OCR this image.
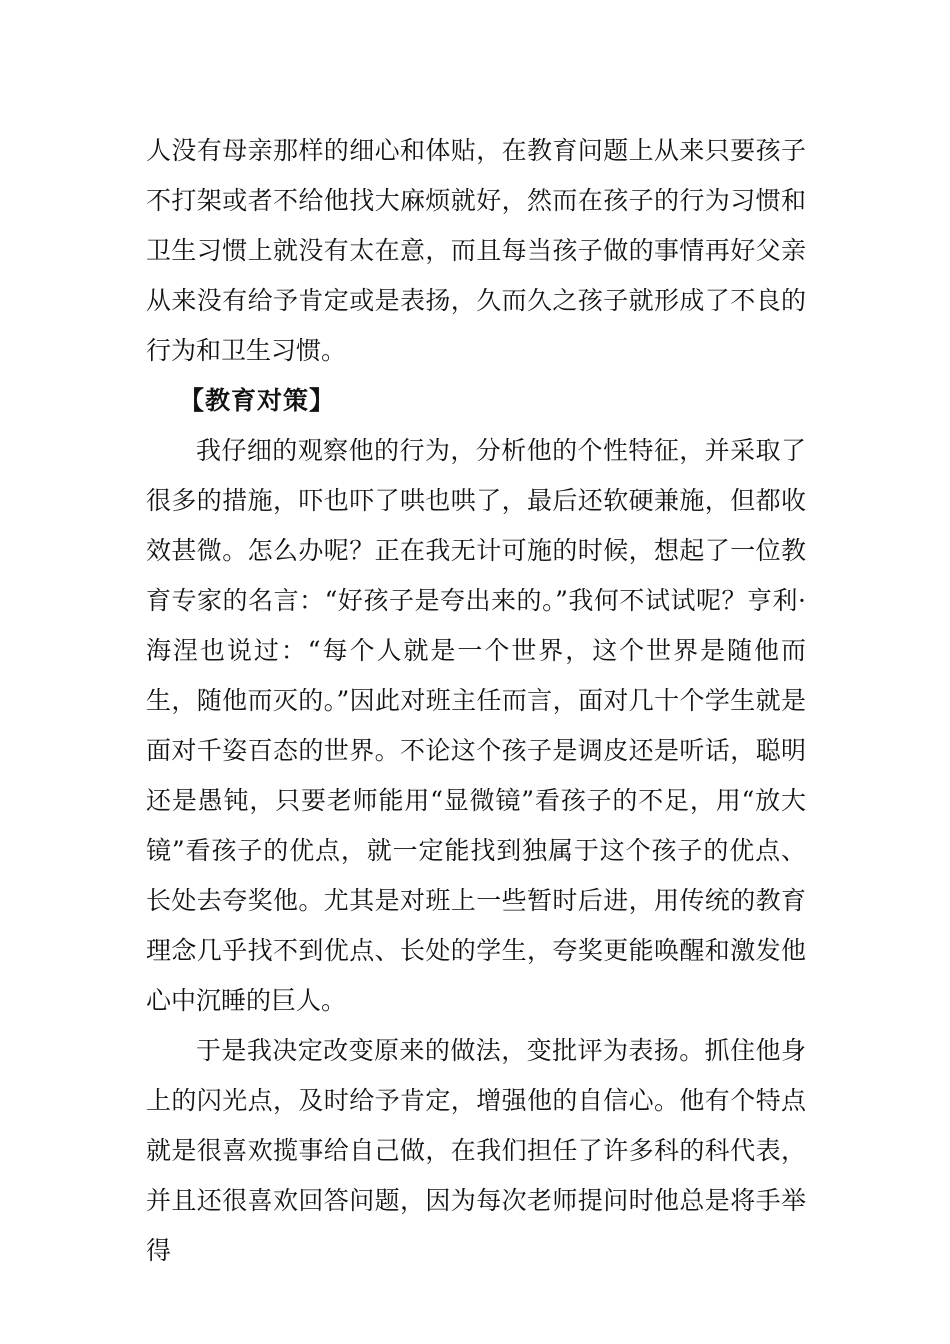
人没有母亲那样的细心和体贴，在教育问题上从来只要孩子不打架或者不给他找大麻烦就好，然而在孩子的行为习惯和卫生习惯上就没有太在意，而且每当孩子做的事情再好父亲从来没有给予肯定或是表扬，久而久之孩子就形成了不良的行为和卫生习惯。

【教育对策】

我仔细的观察他的行为，分析他的个性特征，并采取了很多的措施，吓也吓了哄也哄了，最后还软硬兼施，但都收效甚微。怎么办呢？正在我无计可施的时候，想起了一位教育专家的名言：“好孩子是夸出来的。”我何不试试呢？亨利·海涅也说过：“每个人就是一个世界，这个世界是随他而生，随他而灭的。”因此对班主任而言，面对几十个学生就是面对千姿百态的世界。不论这个孩子是调皮还是听话，聪明还是愚钝，只要老师能用“显微镜”看孩子的不足，用“放大镜”看孩子的优点，就一定能找到独属于这个孩子的优点、长处去夸奖他。尤其是对班上一些暂时后进，用传统的教育理念几乎找不到优点、长处的学生，夸奖更能唤醒和激发他心中沉睡的巨人。

于是我决定改变原来的做法，变批评为表扬。抓住他身上的闪光点，及时给予肯定，增强他的自信心。他有个特点就是很喜欢揽事给自己做，在我们担任了许多科的科代表，并且还很喜欢回答问题，因为每次老师提问时他总是将手举得
